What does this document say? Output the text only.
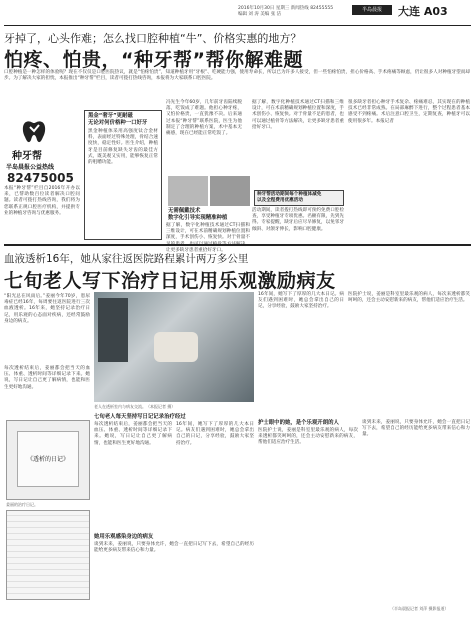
2016年10月30日 星期三 新闻热线 82455555
编辑 刘 涛 美编 张 洁
半岛晨报	大连 A03
牙掉了，心头作难；怎么找口腔种植“牛”、价格实惠的地方？
怕疼、怕贵，“种牙帮”帮你解难题
口腔种植是一种怎样的体验呢？现在不仅仅是口腔医院热议，就是“怕疼怕贵”，知道种植牙用“牙根”、吃硬能力强，使用寿命长，所以已为许多人接受，但一些怕疼怕贵，担心价格高、手术疼痛等顾虑，仍让很多人对种植牙望而却步。为了解决大家的担忧，本报推出“种牙帮”栏目，读者可拨打热线咨询，本报将为大家联系口腔医院。
种牙帮
半岛晨报公益热线
82475005
本报“种牙帮”栏目自2016年开办以来，已帮助数百位读者解决口腔问题。读者可拨打热线咨询，我们将为您联系正规口腔医疗机构，并提供专业的种植牙咨询与优惠服务。
黑金“奢牙”更耐磁
无论对何价格种一口好牙
黑金种植体采用高强度钛合金材料，表面经过特殊处理，骨结合速度快，稳定性好。医生介绍，种植牙是目前修复缺失牙齿的最佳方式，既美观又实用，能够恢复正常的咀嚼功能。
冯先生今年60岁，几年前牙齿陆续脱落，吃饭成了难题。他担心种牙疼，又怕价格贵，一直犹豫不决。后来通过本报“种牙帮”联系医院，医生为他制定了合理的种植方案，术中基本无痛感，现在已经能正常吃饭了。
无需佩戴技术
数字化引导实现精准种植
据了解，数字化种植技术通过CT扫描和三维设计，可在术前精确规划种植位置和深度，手术创伤小、恢复快。对于骨量不 让更多缺牙患者重拾好牙口。
据了解，数字化种植技术通过CT扫描和三维设计，可在术前精确规划种植位置和深度，手术创伤小、恢复快。对于骨量不足的患者，也可以通过植骨等方法解决，让更多缺牙患者重拾好牙口。
种牙帮活动期间每个种植体减免
以及全程费用优惠活动
活动期间，读者拨打热线即可预约免费口腔检查，享受种植牙专项优惠。名额有限，先到先得。专家提醒，缺牙后应尽早修复，以免邻牙倾斜、对颌牙伸长，影响口腔健康。
很多缺牙者担心种牙手术复杂、疼痛难忍，其实现在的种植技术已经非常成熟。在局部麻醉下进行，整个过程患者基本感受不到疼痛。术后注意口腔卫生，定期复查，种植牙可以使用很多年。本报记者
血液透析16年，她从家往返医院路程累计两万多公里
七旬老人写下治疗日记用乐观激励病友
“阳光总在风雨后。”姜丽今年70岁，患尿毒症已经16年，每周要往返医院进行三次血液透析。16年来，她坚持记录治疗日记，用乐观的心态面对疾病，还经常鼓励身边的病友。
老人在透析室内与病友交流。（本报记者 摄）
每次透析结束后，姜丽都会把当天的血压、体重、透析时间等详细记录下来。她说，写日记让自己更了解病情，也能和医生更好地沟通。
16年间，她写下了厚厚的几大本日记。病友们遇到困难时，她总会拿出自己的日记，分享经验，鼓励大家坚持治疗。
医院护士说，姜丽是科室里最乐观的病人，每次来透析都笑呵呵的，还会主动安慰新来的病友，帮他们适应治疗生活。
七旬老人每天坚持写日记记录治疗经过
《透析的日记》
姜丽的治疗日记。
每次透析结束后，姜丽都会把当天的血压、体重、透析时间等详细记录下来。她说，写日记让自己更了解病情，也能和医生更好地沟通。
16年间，她写下了厚厚的几大本日记。病友们遇到困难时，她总会拿出自己的日记，分享经验，鼓励大家坚持治疗。
她用乐观感染身边的病友
谈到未来，姜丽说，只要身体允许，她会一直把日记写下去，希望自己的经历能给更多病友带来信心和力量。
护士眼中的她，是个乐观开朗的人
医院护士说，姜丽是科室里最乐观的病人，每次来透析都笑呵呵的，还会主动安慰新来的病友，帮他们适应治疗生活。
谈到未来，姜丽说，只要身体允许，她会一直把日记写下去，希望自己的经历能给更多病友带来信心和力量。
（半岛晨报记者 刘萍 摄影报道）
